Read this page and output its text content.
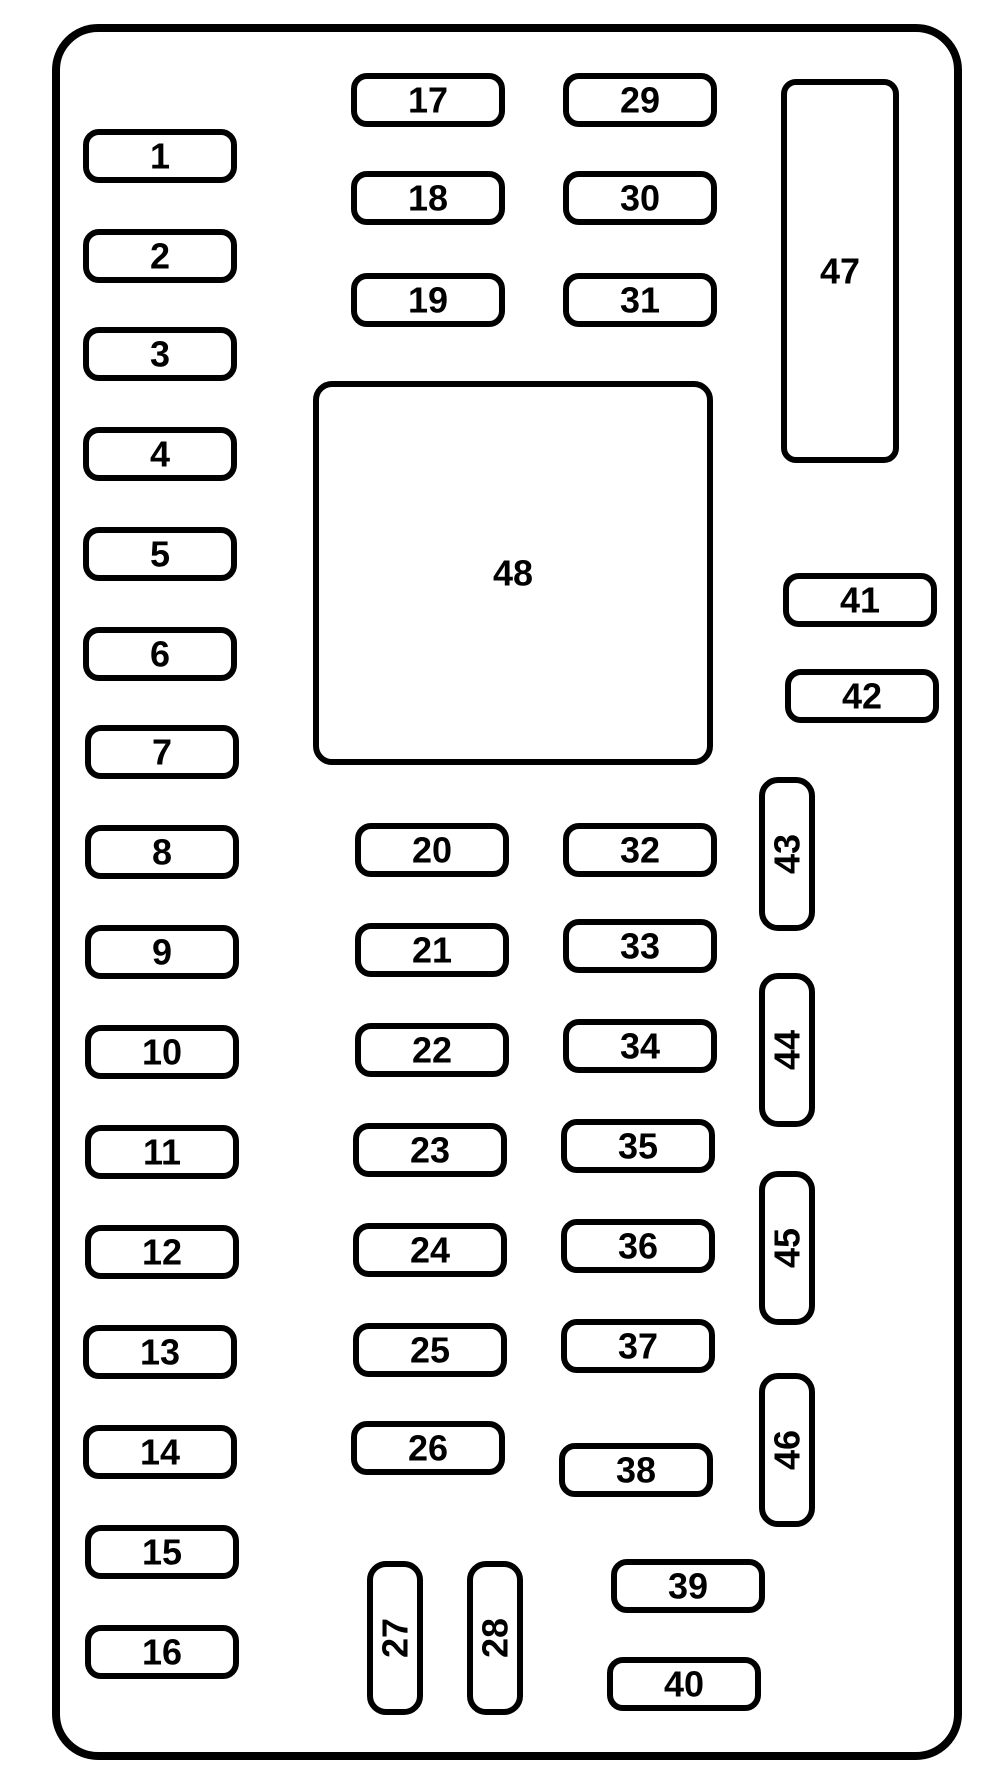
1
2
3
4
5
6
7
8
9
10
11
12
13
14
15
16
17
18
19
20
21
22
23
24
25
26
27 28
29
30
31
32
33
34
35
36
37
38
39
40
41
42
43
44
45
46
47
48
